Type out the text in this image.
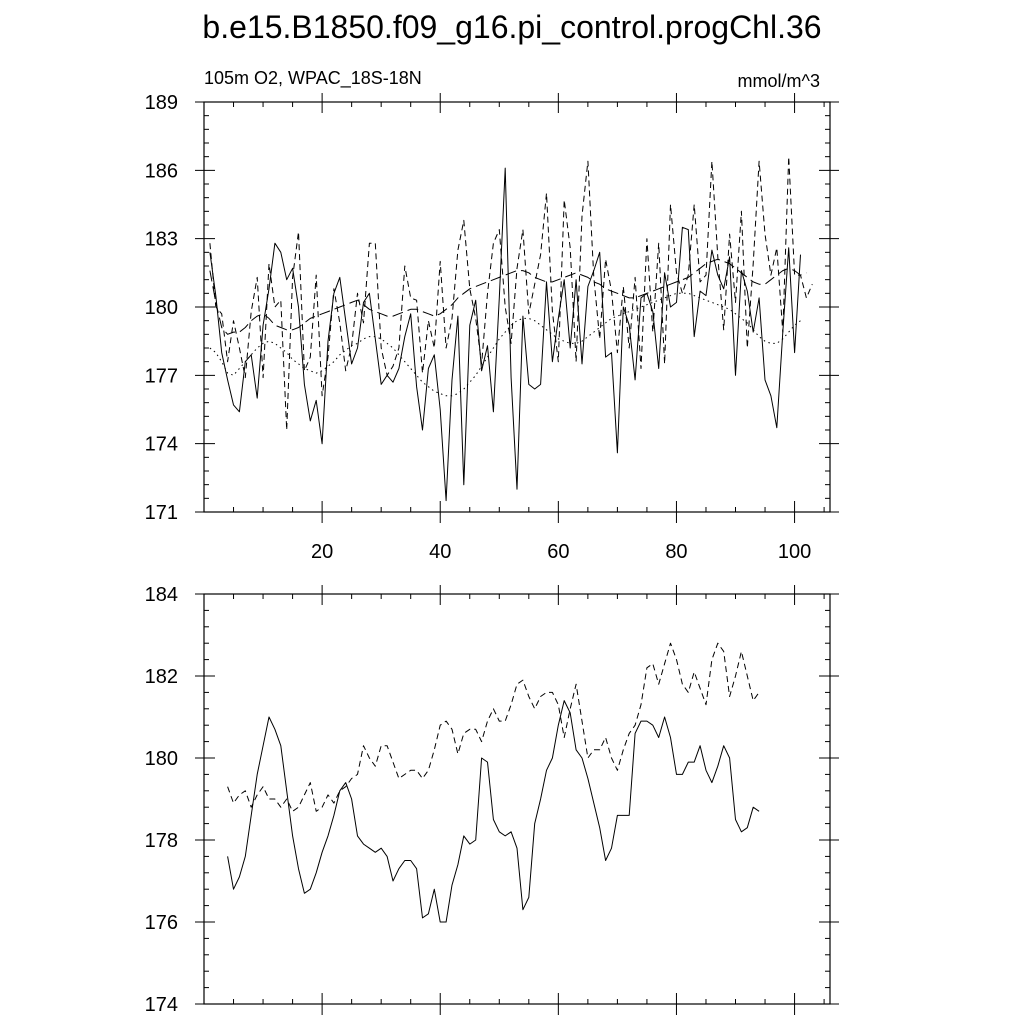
b.e15.B1850.f09_g16.pi_control.progChl.36
105m O2, WPAC_18S-18N	mmol/m^3
20	40	60	80	100
171
174
177
180
183
186
189
174
176
178
180
182
184
